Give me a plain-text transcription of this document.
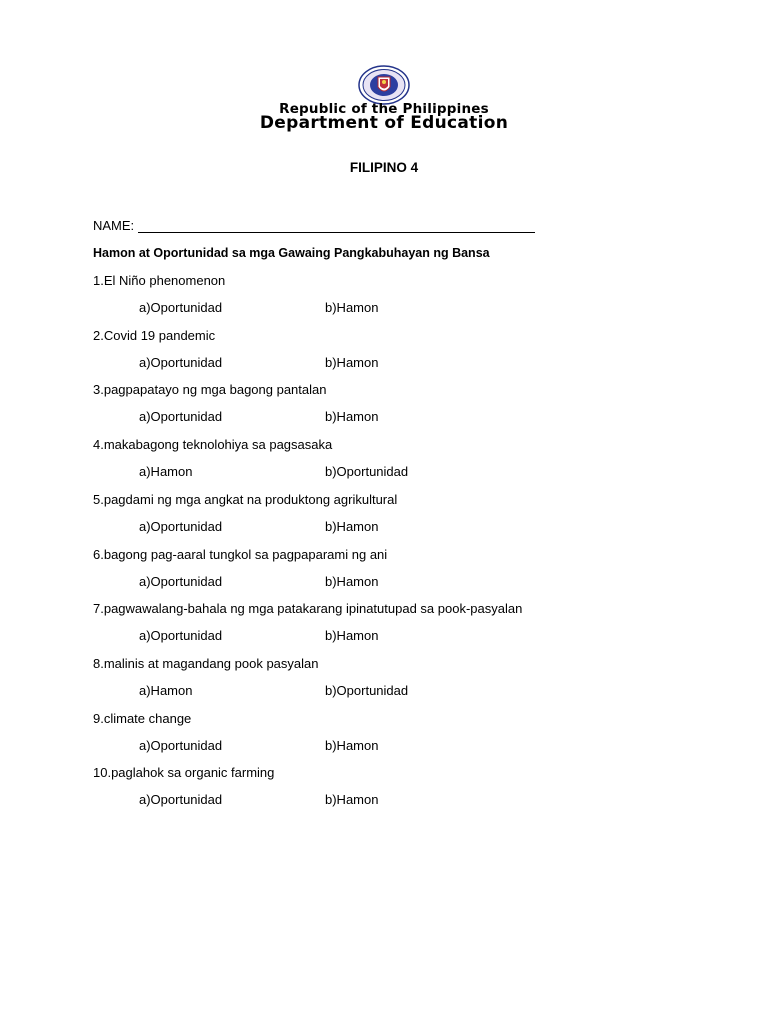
Republic of the Philippines
Department of Education
FILIPINO 4
NAME:
Hamon at Oportunidad sa mga Gawaing Pangkabuhayan ng Bansa
1.El Niño phenomenon
a)Oportunidad	b)Hamon
2.Covid 19 pandemic
a)Oportunidad	b)Hamon
3.pagpapatayo ng mga bagong pantalan
a)Oportunidad	b)Hamon
4.makabagong teknolohiya sa pagsasaka
a)Hamon	b)Oportunidad
5.pagdami ng mga angkat na produktong agrikultural
a)Oportunidad	b)Hamon
6.bagong pag-aaral tungkol sa pagpaparami ng ani
a)Oportunidad	b)Hamon
7.pagwawalang-bahala ng mga patakarang ipinatutupad sa pook-pasyalan
a)Oportunidad	b)Hamon
8.malinis at magandang pook pasyalan
a)Hamon	b)Oportunidad
9.climate change
a)Oportunidad	b)Hamon
10.paglahok sa organic farming
a)Oportunidad	b)Hamon
